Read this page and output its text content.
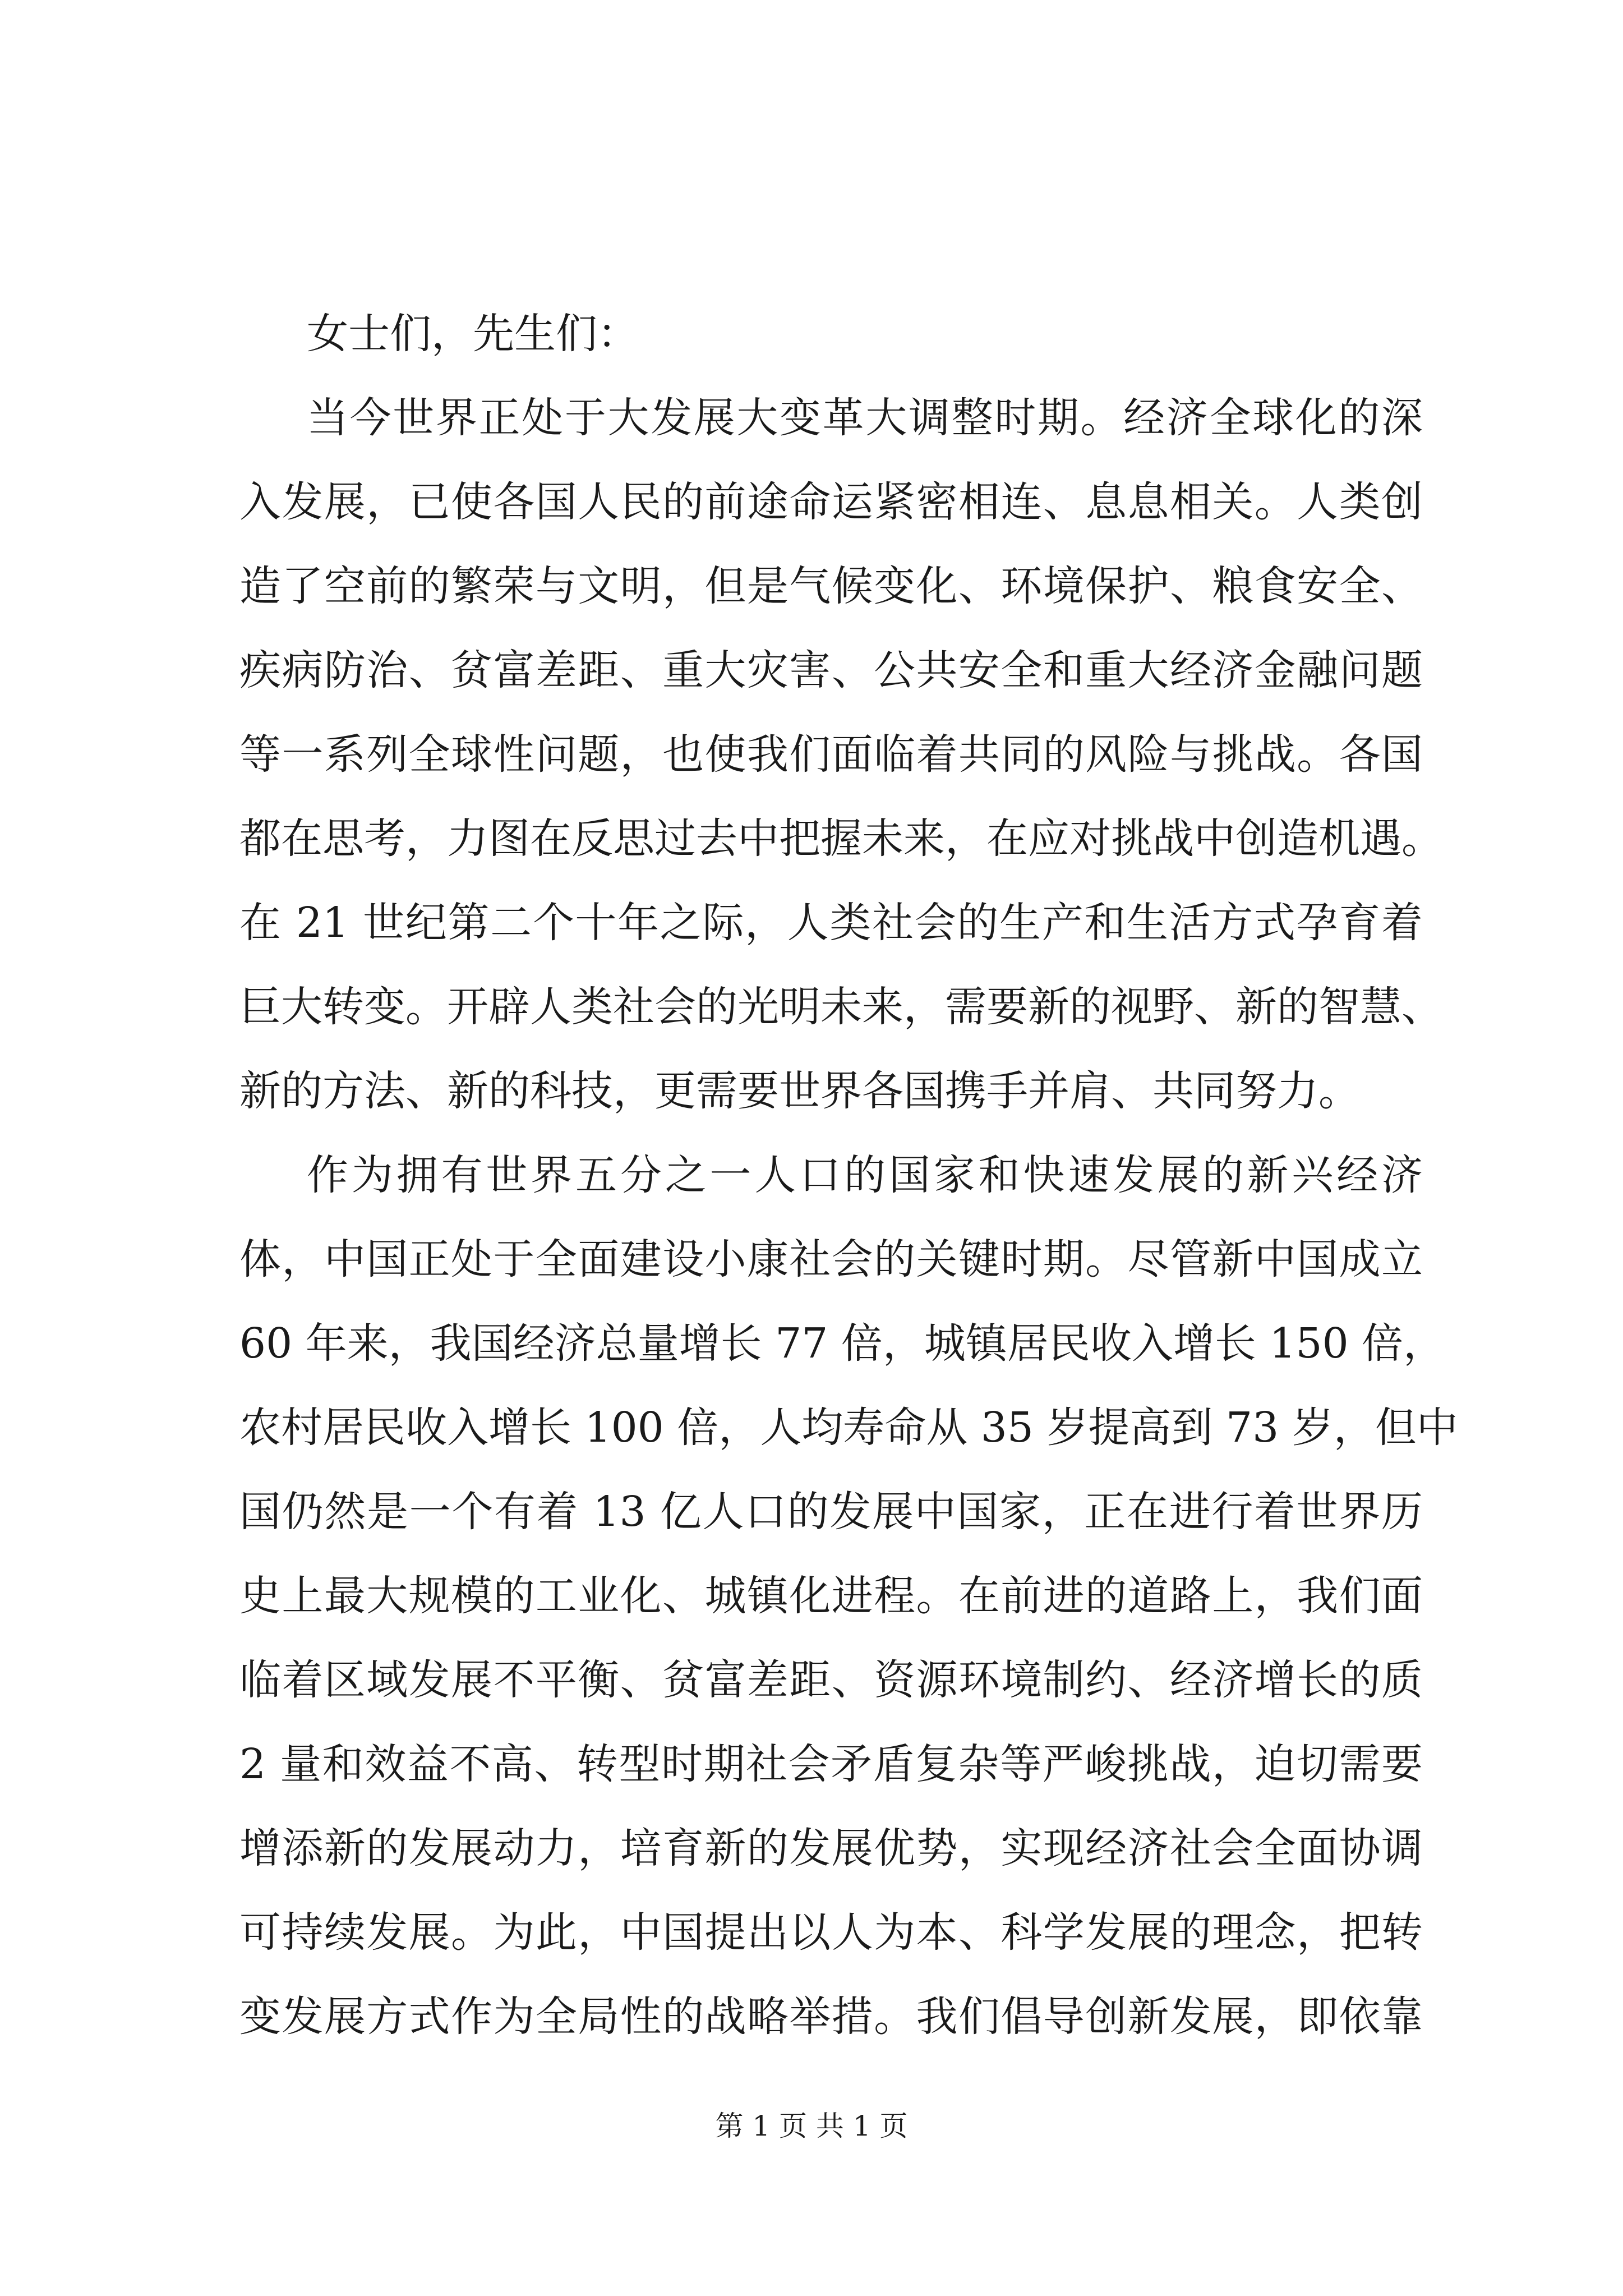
女士们，先生们：
当今世界正处于大发展大变革大调整时期。经济全球化的深
入发展，已使各国人民的前途命运紧密相连、息息相关。人类创
造了空前的繁荣与文明，但是气候变化、环境保护、粮食安全、
疾病防治、贫富差距、重大灾害、公共安全和重大经济金融问题
等一系列全球性问题，也使我们面临着共同的风险与挑战。各国
都在思考，力图在反思过去中把握未来，在应对挑战中创造机遇。
在 21 世纪第二个十年之际，人类社会的生产和生活方式孕育着
巨大转变。开辟人类社会的光明未来，需要新的视野、新的智慧、
新的方法、新的科技，更需要世界各国携手并肩、共同努力。
作为拥有世界五分之一人口的国家和快速发展的新兴经济
体，中国正处于全面建设小康社会的关键时期。尽管新中国成立
60 年来，我国经济总量增长 77 倍，城镇居民收入增长 150 倍，
农村居民收入增长 100 倍，人均寿命从 35 岁提高到 73 岁，但中
国仍然是一个有着 13 亿人口的发展中国家，正在进行着世界历
史上最大规模的工业化、城镇化进程。在前进的道路上，我们面
临着区域发展不平衡、贫富差距、资源环境制约、经济增长的质
2 量和效益不高、转型时期社会矛盾复杂等严峻挑战，迫切需要
增添新的发展动力，培育新的发展优势，实现经济社会全面协调
可持续发展。为此，中国提出以人为本、科学发展的理念，把转
变发展方式作为全局性的战略举措。我们倡导创新发展，即依靠
第 1 页 共 1 页
